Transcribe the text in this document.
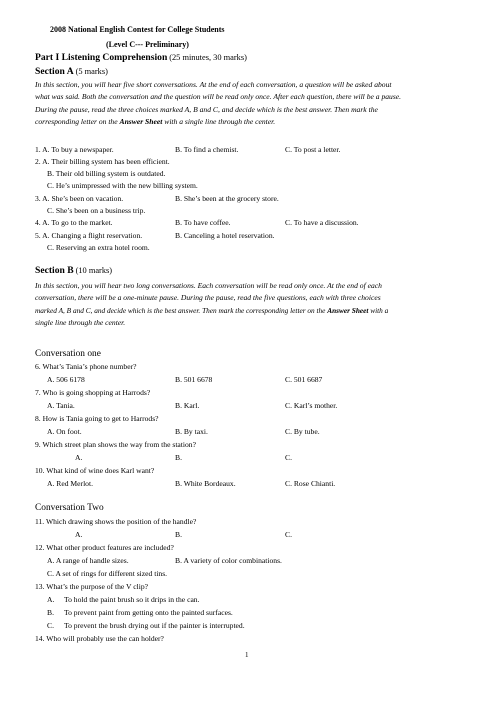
2008 National English Contest for College Students
(Level C--- Preliminary)
Part I Listening Comprehension (25 minutes, 30 marks)
Section A (5 marks)
In this section, you will hear five short conversations. At the end of each conversation, a question will be asked about
what was said. Both the conversation and the question will be read only once. After each question, there will be a pause.
During the pause, read the three choices marked A, B and C, and decide which is the best answer. Then mark the
corresponding letter on the Answer Sheet with a single line through the center.
1. A. To buy a newspaper.	B. To find a chemist.	C. To post a letter.
2. A. Their billing system has been efficient.
B. Their old billing system is outdated.
C. He’s unimpressed with the new billing system.
3. A. She’s been on vacation.	B. She’s been at the grocery store.
C. She’s been on a business trip.
4. A. To go to the market.	B. To have coffee.	C. To have a discussion.
5. A. Changing a flight reservation.	B. Canceling a hotel reservation.
C. Reserving an extra hotel room.
Section B (10 marks)
In this section, you will hear two long conversations. Each conversation will be read only once. At the end of each
conversation, there will be a one-minute pause. During the pause, read the five questions, each with three choices
marked A, B and C, and decide which is the best answer. Then mark the corresponding letter on the Answer Sheet with a
single line through the center.
Conversation one
6. What’s Tania’s phone number?
A. 506 6178	B. 501 6678	C. 501 6687
7. Who is going shopping at Harrods?
A. Tania.	B. Karl.	C. Karl’s mother.
8. How is Tania going to get to Harrods?
A. On foot.	B. By taxi.	C. By tube.
9. Which street plan shows the way from the station?
A.	B.	C.
10. What kind of wine does Karl want?
A. Red Merlot.	B. White Bordeaux.	C. Rose Chianti.
Conversation Two
11. Which drawing shows the position of the handle?
A.	B.	C.
12. What other product features are included?
A. A range of handle sizes.	B. A variety of color combinations.
C. A set of rings for different sized tins.
13. What’s the purpose of the V clip?
A. To hold the paint brush so it drips in the can.
B. To prevent paint from getting onto the painted surfaces.
C. To prevent the brush drying out if the painter is interrupted.
14. Who will probably use the can holder?
1
